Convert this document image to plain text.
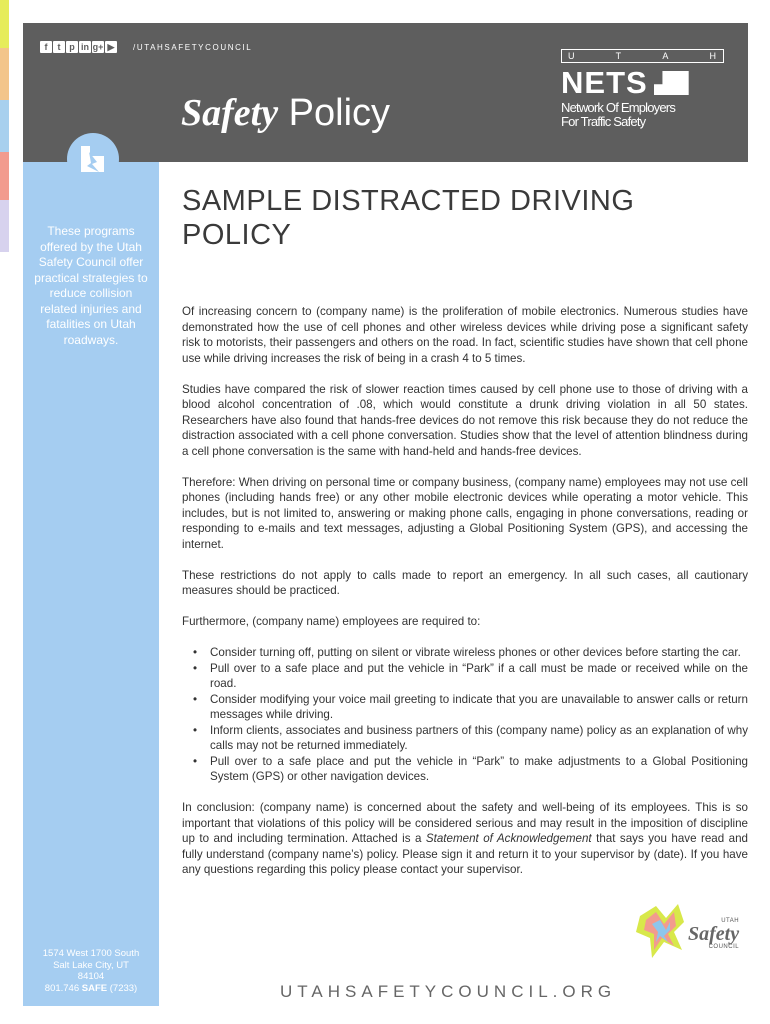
f	t p in g+ ▶	/UTAHSAFETYCOUNCIL
Safety Policy
U	T	A	H
NETS
Network Of Employers
For Traffic Safety
These programs offered by the Utah Safety Council offer practical strategies to reduce collision related injuries and fatalities on Utah roadways.
1574 West 1700 South
Salt Lake City, UT
84104
801.746 SAFE (7233)
SAMPLE DISTRACTED DRIVING POLICY

Of increasing concern to (company name) is the proliferation of mobile electronics. Numerous studies have demonstrated how the use of cell phones and other wireless devices while driving pose a significant safety risk to motorists, their passengers and others on the road. In fact, scientific studies have shown that cell phone use while driving increases the risk of being in a crash 4 to 5 times.

Studies have compared the risk of slower reaction times caused by cell phone use to those of driving with a blood alcohol concentration of .08, which would constitute a drunk driving violation in all 50 states. Researchers have also found that hands-free devices do not remove this risk because they do not reduce the distraction associated with a cell phone conversation. Studies show that the level of attention blindness during a cell phone conversation is the same with hand-held and hands-free devices.

Therefore: When driving on personal time or company business, (company name) employees may not use cell phones (including hands free) or any other mobile electronic devices while operating a motor vehicle. This includes, but is not limited to, answering or making phone calls, engaging in phone conversations, reading or responding to e-mails and text messages, adjusting a Global Positioning System (GPS), and accessing the internet.

These restrictions do not apply to calls made to report an emergency. In all such cases, all cautionary measures should be practiced.

Furthermore, (company name) employees are required to:

• Consider turning off, putting on silent or vibrate wireless phones or other devices before starting the car.
• Pull over to a safe place and put the vehicle in “Park” if a call must be made or received while on the road.
• Consider modifying your voice mail greeting to indicate that you are unavailable to answer calls or return messages while driving.
• Inform clients, associates and business partners of this (company name) policy as an explanation of why calls may not be returned immediately.
• Pull over to a safe place and put the vehicle in “Park” to make adjustments to a Global Positioning System (GPS) or other navigation devices.

In conclusion: (company name) is concerned about the safety and well-being of its employees. This is so important that violations of this policy will be considered serious and may result in the imposition of discipline up to and including termination. Attached is a Statement of Acknowledgement that says you have read and fully understand (company name’s) policy. Please sign it and return it to your supervisor by (date). If you have any questions regarding this policy please contact your supervisor.

UTAH
Safety
COUNCIL
UTAHSAFETYCOUNCIL.ORG
